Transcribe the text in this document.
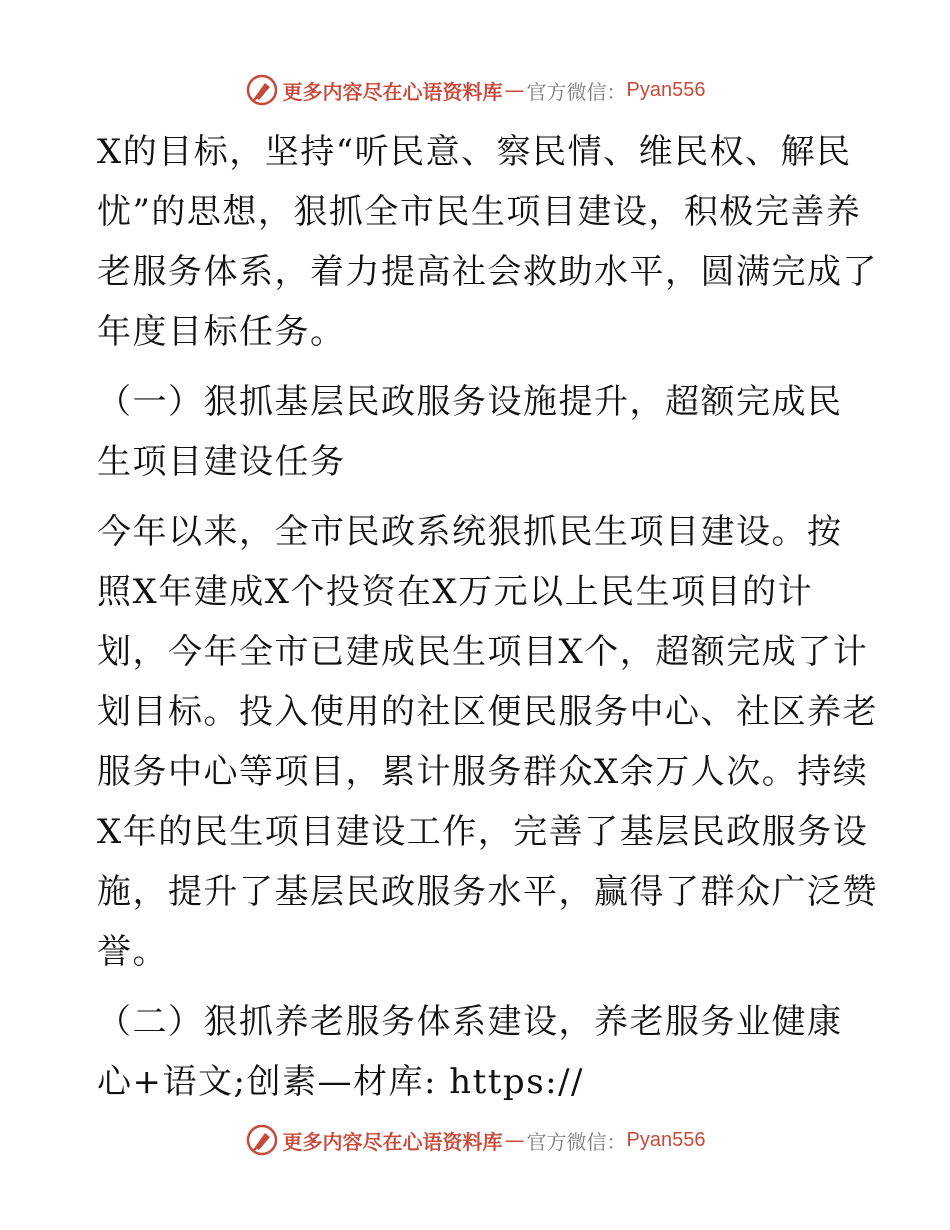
更多内容尽在心语资料库 — 官方微信： Pyan556
X的目标，坚持“听民意、察民情、维民权、解民
忧”的思想，狠抓全市民生项目建设，积极完善养
老服务体系，着力提高社会救助水平，圆满完成了
年度目标任务。
（一）狠抓基层民政服务设施提升，超额完成民
生项目建设任务
今年以来，全市民政系统狠抓民生项目建设。按
照X年建成X个投资在X万元以上民生项目的计
划，今年全市已建成民生项目X个，超额完成了计
划目标。投入使用的社区便民服务中心、社区养老
服务中心等项目，累计服务群众X余万人次。持续
X年的民生项目建设工作，完善了基层民政服务设
施，提升了基层民政服务水平，赢得了群众广泛赞
誉。
（二）狠抓养老服务体系建设，养老服务业健康
心+语文;创素—材库: https://
更多内容尽在心语资料库 — 官方微信： Pyan556
